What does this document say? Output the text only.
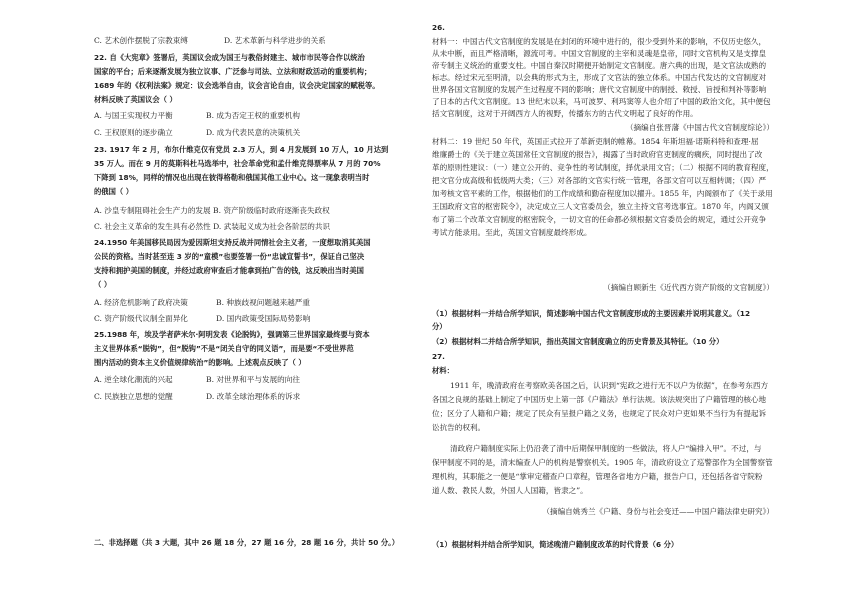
C. 艺术创作摆脱了宗教束缚	D. 艺术革新与科学进步的关系
22. 自《大宪章》签署后，英国议会成为国王与教俗封建主、城市市民等合作以统治
国家的平台；后来逐渐发展为独立议事、广泛参与司法、立法和财政活动的重要机构；
1689 年的《权利法案》规定：议会选举自由，议会言论自由，议会决定国家的赋税等。
材料反映了英国议会（ ）
A. 与国王实现权力平衡	B. 成为否定王权的重要机构
C. 王权原则的逐步确立	D. 成为代表民意的决策机关
23. 1917 年 2 月，布尔什维克仅有党员 2.3 万人，到 4 月发展到 10 万人，10 月达到
35 万人。而在 9 月的莫斯科杜马选举中，社会革命党和孟什维克得票率从 7 月的 70%
下降到 18%，同样的情况也出现在彼得格勒和俄国其他工业中心。这一现象表明当时
的俄国（ ）
A. 沙皇专制阻碍社会生产力的发展 B. 资产阶级临时政府逐渐丧失政权
C. 社会主义革命的发生具有必然性 D. 武装起义成为社会各阶层的共识
24.1950 年美国移民局因为爱因斯坦支持反战并同情社会主义者，一度想取消其美国
公民的资格。当时甚至连 3 岁的“童模”也要签署一份“忠诚宣誓书”，保证自己坚决
支持和拥护美国的制度，并经过政府审查后才能拿到拍广告的钱，这反映出当时美国
（ ）
A. 经济危机影响了政府决策	B. 种族歧视问题越来越严重
C. 资产阶级代议制全面异化	D. 国内政策受国际局势影响
25.1988 年，埃及学者萨米尔·阿明发表《论脱钩》，强调第三世界国家最终要与资本
主义世界体系“脱钩”，但“脱钩”不是“闭关自守的同义语”，而是要“不受世界范
围内活动的资本主义价值规律统治”的影响。上述观点反映了（ ）
A. 逆全球化潮流的兴起	B. 对世界和平与发展的向往
C. 民族独立思想的觉醒	D. 改革全球治理体系的诉求
二、非选择题（共 3 大题，其中 26 题 18 分，27 题 16 分，28 题 16 分，共计 50 分。）
26.
材料一：中国古代文官制度的发展是在封闭的环境中进行的，很少受到外来的影响，不仅历史悠久，
从未中断，而且严格清晰，源流可考。中国文官制度的主宰和灵魂是皇帝，同时文官机构又是支撑皇
帝专制主义统治的重要支柱。中国自秦汉时期便开始制定文官制度。唐六典的出现，是文官法成熟的
标志。经过宋元至明清，以会典的形式为主，形成了文官法的独立体系。中国古代发达的文官制度对
世界各国文官制度的发展产生过程度不同的影响；唐代文官制度中的制授、敕授、旨授和判补等影响
了日本的古代文官制度。13 世纪末以来，马可波罗、利玛窦等人也介绍了中国的政治文化，其中便包
括文官制度，这对于开阔西方人的视野，传播东方的古代文明起了良好的作用。
（摘编自张晋藩《中国古代文官制度综论》）
材料二：19 世纪 50 年代，英国正式拉开了革新吏制的帷幕。1854 年斯坦福·诺斯科特和查理·屈
维廉爵士的《关于建立英国常任文官制度的报告》，揭露了当时政府官吏制度的瘸疾，同时提出了改
革的原则性建议：（一）建立公开的、竞争性的考试制度，择优录用文官；（二）根据不同的教育程度，
把文官分成高级和低级两大类；（三）对各部的文官实行统一管理，各部文官可以互相转调；（四）严
加考核文官平素的工作，根据他们的工作成绩和勤奋程度加以擢升。1855 年，内阁颁布了《关于录用
王国政府文官的枢密院令》，决定成立三人文官委员会，独立主持文官考选事宜。1870 年，内阁又颁
布了第二个改革文官制度的枢密院令，一切文官的任命都必须根据文官委员会的规定，通过公开竞争
考试方能录用。至此，英国文官制度最终形成。
（摘编自顾新生《近代西方资产阶级的文官制度》）
（1）根据材料一并结合所学知识，简述影响中国古代文官制度形成的主要因素并说明其意义。（12
分）
（2）根据材料二并结合所学知识，指出英国文官制度确立的历史背景及其特征。（10 分）
27.
材料：
1911 年，晚清政府在考察欧美各国之后，认识到“宪政之进行无不以户为依据”，在参考东西方
各国之良规的基础上制定了中国历史上第一部《户籍法》单行法规。该法规突出了户籍管理的核心地
位；区分了人籍和户籍；规定了民众有呈报户籍之义务，也规定了民众对户吏如果不当行为有提起诉
讼抗告的权利。
清政府户籍制度实际上仍沿袭了清中后期保甲制度的一些做法，将人户“编排入甲”。不过，与
保甲制度不同的是，清末编查人户的机构是警察机关。1905 年，清政府设立了巡警部作为全国警察管
理机构，其职能之一便是“掌审定稽查户口章程，管理各省地方户籍，报告户口，还包括各省守院粉
道人数、教民人数，外国人人国籍，皆隶之”。
（摘编自姚秀兰《户籍、身份与社会变迁——中国户籍法律史研究》）
（1）根据材料并结合所学知识，简述晚清户籍制度改革的时代背景（6 分）
